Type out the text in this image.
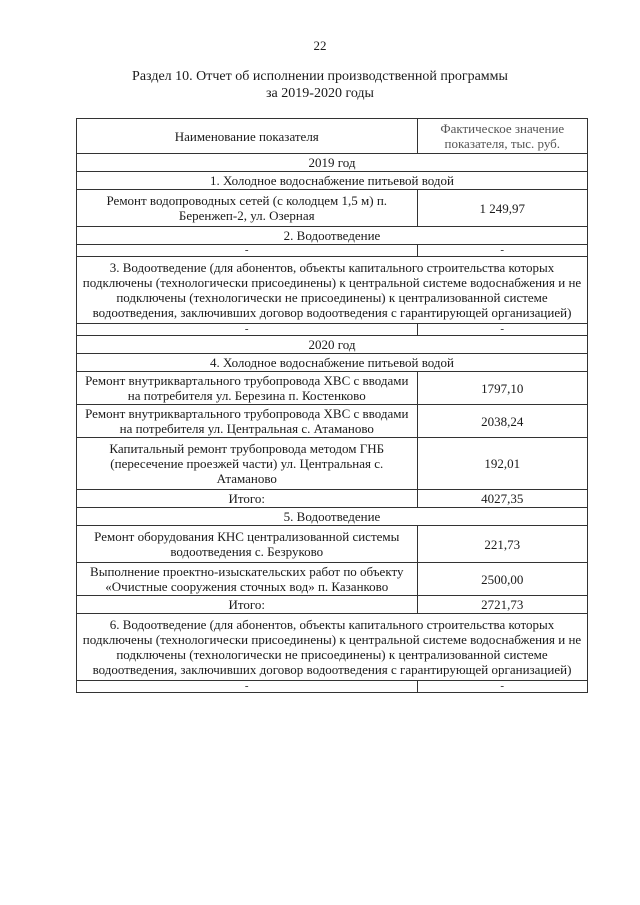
22
Раздел 10. Отчет об исполнении производственной программы
за 2019-2020 годы
Наименование показателя	Фактическое значение показателя, тыс. руб.
2019 год	
1. Холодное водоснабжение питьевой водой	
Ремонт водопроводных сетей (с колодцем 1,5 м) п. Беренжеп-2, ул. Озерная	1 249,97
2. Водоотведение	
-	-
3. Водоотведение (для абонентов, объекты капитального строительства которых подключены (технологически присоединены) к центральной системе водоснабжения и не подключены (технологически не присоединены) к централизованной системе водоотведения, заключивших договор водоотведения с гарантирующей организацией)	
-	-
2020 год	
4. Холодное водоснабжение питьевой водой	
Ремонт внутриквартального трубопровода ХВС с вводами на потребителя ул. Березина п. Костенково	1797,10
Ремонт внутриквартального трубопровода ХВС с вводами на потребителя ул. Центральная с. Атаманово	2038,24
Капитальный ремонт трубопровода методом ГНБ (пересечение проезжей части) ул. Центральная с. Атаманово	192,01
Итого:	4027,35
5. Водоотведение	
Ремонт оборудования КНС централизованной системы водоотведения с. Безруково	221,73
Выполнение проектно-изыскательских работ по объекту «Очистные сооружения сточных вод» п. Казанково	2500,00
Итого:	2721,73
6. Водоотведение (для абонентов, объекты капитального строительства которых подключены (технологически присоединены) к центральной системе водоснабжения и не подключены (технологически не присоединены) к централизованной системе водоотведения, заключивших договор водоотведения с гарантирующей организацией)	
-	-
